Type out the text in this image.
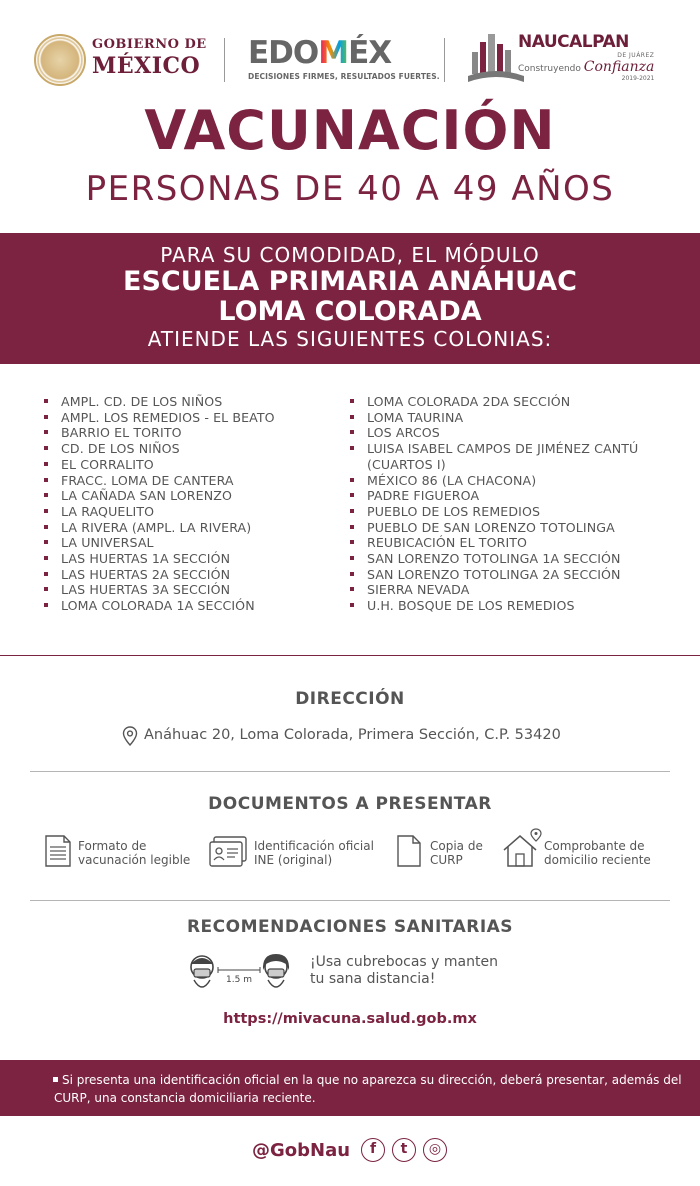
GOBIERNO DE
MÉXICO EDOMÉX
DECISIONES FIRMES, RESULTADOS FUERTES.
NAUCALPAN
DE JUÁREZ
Construyendo Confianza
2019-2021
VACUNACIÓN
PERSONAS DE 40 A 49 AÑOS
PARA SU COMODIDAD, EL MÓDULO
ESCUELA PRIMARIA ANÁHUAC
LOMA COLORADA
ATIENDE LAS SIGUIENTES COLONIAS:
AMPL. CD. DE LOS NIÑOS
AMPL. LOS REMEDIOS - EL BEATO
BARRIO EL TORITO
CD. DE LOS NIÑOS
EL CORRALITO
FRACC. LOMA DE CANTERA
LA CAÑADA SAN LORENZO
LA RAQUELITO
LA RIVERA (AMPL. LA RIVERA)
LA UNIVERSAL
LAS HUERTAS 1A SECCIÓN
LAS HUERTAS 2A SECCIÓN
LAS HUERTAS 3A SECCIÓN
LOMA COLORADA 1A SECCIÓN
LOMA COLORADA 2DA SECCIÓN
LOMA TAURINA
LOS ARCOS
LUISA ISABEL CAMPOS DE JIMÉNEZ CANTÚ (CUARTOS I)
MÉXICO 86 (LA CHACONA)
PADRE FIGUEROA
PUEBLO DE LOS REMEDIOS
PUEBLO DE SAN LORENZO TOTOLINGA
REUBICACIÓN EL TORITO
SAN LORENZO TOTOLINGA 1A SECCIÓN
SAN LORENZO TOTOLINGA 2A SECCIÓN
SIERRA NEVADA
U.H. BOSQUE DE LOS REMEDIOS
DIRECCIÓN
Anáhuac 20, Loma Colorada, Primera Sección, C.P. 53420
DOCUMENTOS A PRESENTAR
Formato de
vacunación legible
Identificación oficial
INE (original)
Copia de
CURP
Comprobante de
domicilio reciente
RECOMENDACIONES SANITARIAS
1.5 m
¡Usa cubrebocas y manten
tu sana distancia!
https://mivacuna.salud.gob.mx
Si presenta una identificación oficial en la que no aparezca su dirección, deberá presentar, además del CURP, una constancia domiciliaria reciente.
@GobNau	f	t	◎
